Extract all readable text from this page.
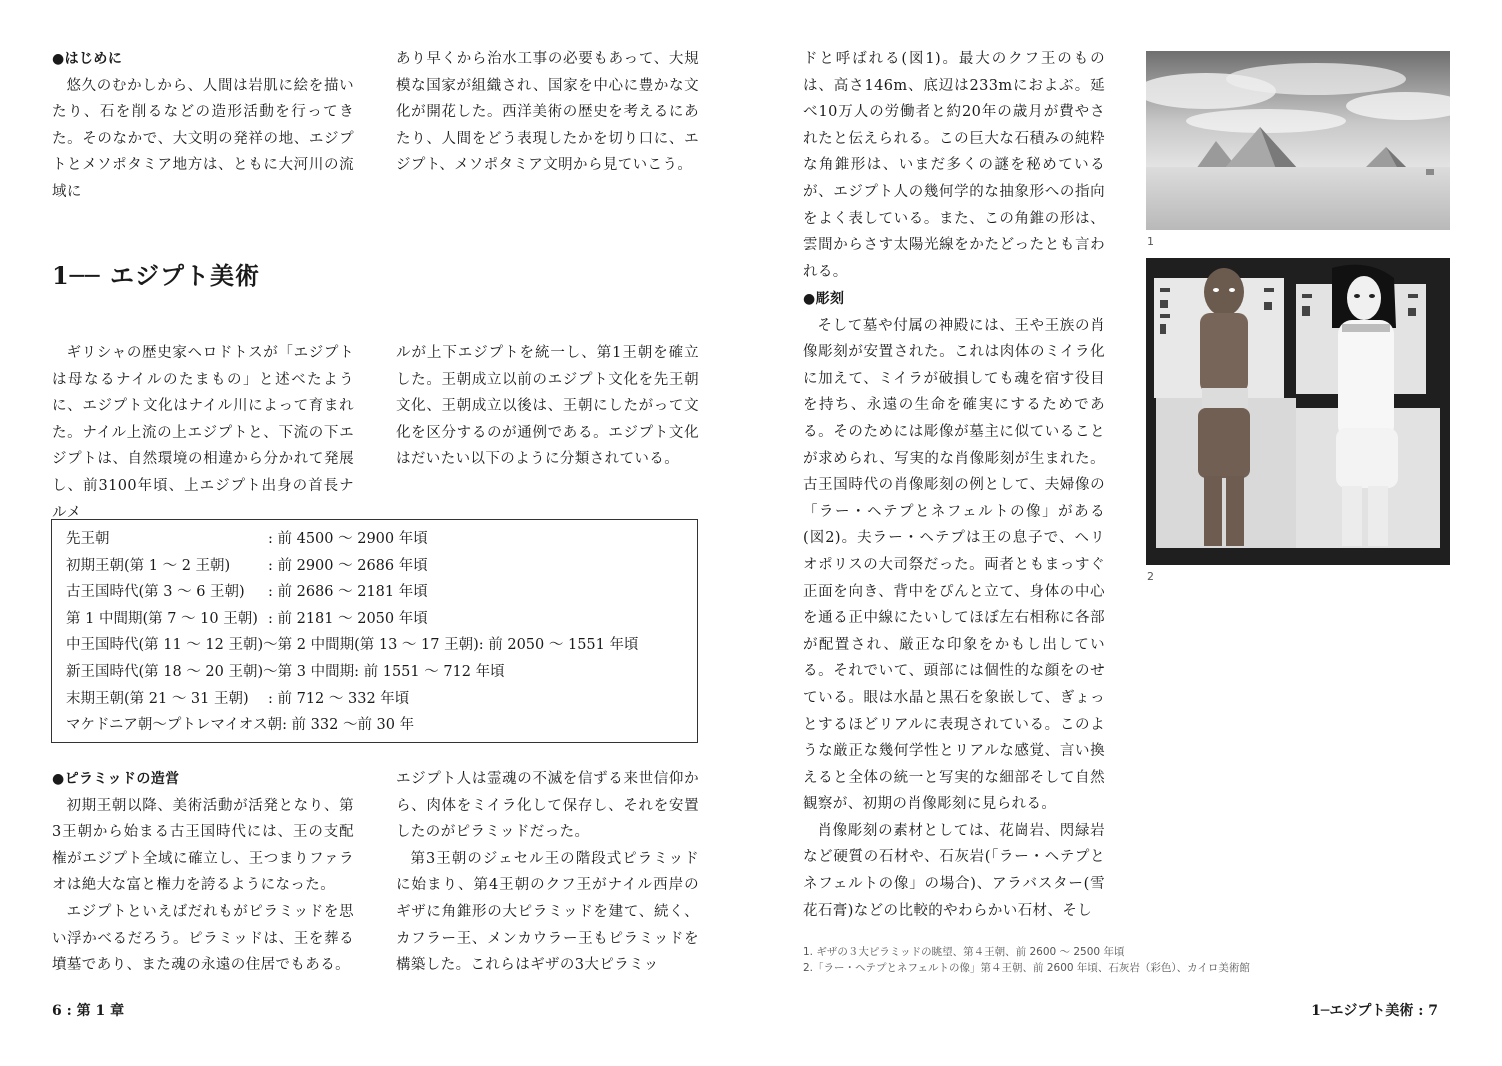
●はじめに

悠久のむかしから、人間は岩肌に絵を描いたり、石を削るなどの造形活動を行ってきた。そのなかで、大文明の発祥の地、エジプトとメソポタミア地方は、ともに大河川の流域に

あり早くから治水工事の必要もあって、大規模な国家が組織され、国家を中心に豊かな文化が開花した。西洋美術の歴史を考えるにあたり、人間をどう表現したかを切り口に、エジプト、メソポタミア文明から見ていこう。

1── エジプト美術

ギリシャの歴史家ヘロドトスが「エジプトは母なるナイルのたまもの」と述べたように、エジプト文化はナイル川によって育まれた。ナイル上流の上エジプトと、下流の下エジプトは、自然環境の相違から分かれて発展し、前3100年頃、上エジプト出身の首長ナルメ

ルが上下エジプトを統一し、第1王朝を確立した。王朝成立以前のエジプト文化を先王朝文化、王朝成立以後は、王朝にしたがって文化を区分するのが通例である。エジプト文化はだいたい以下のように分類されている。

先王朝	: 前 4500 ～ 2900 年頃
初期王朝(第 1 ～ 2 王朝)	: 前 2900 ～ 2686 年頃
古王国時代(第 3 ～ 6 王朝)	: 前 2686 ～ 2181 年頃
第 1 中間期(第 7 ～ 10 王朝) : 前 2181 ～ 2050 年頃
中王国時代(第 11 ～ 12 王朝)～第 2 中間期(第 13 ～ 17 王朝) : 前 2050 ～ 1551 年頃
新王国時代(第 18 ～ 20 王朝)～第 3 中間期 : 前 1551 ～ 712 年頃
末期王朝(第 21 ～ 31 王朝)	: 前 712 ～ 332 年頃
マケドニア朝～プトレマイオス朝 : 前 332 ～前 30 年
●ピラミッドの造営

初期王朝以降、美術活動が活発となり、第3王朝から始まる古王国時代には、王の支配権がエジプト全域に確立し、王つまりファラオは絶大な富と権力を誇るようになった。

エジプトといえばだれもがピラミッドを思い浮かべるだろう。ピラミッドは、王を葬る墳墓であり、また魂の永遠の住居でもある。

エジプト人は霊魂の不滅を信ずる来世信仰から、肉体をミイラ化して保存し、それを安置したのがピラミッドだった。

第3王朝のジェセル王の階段式ピラミッドに始まり、第4王朝のクフ王がナイル西岸のギザに角錐形の大ピラミッドを建て、続く、カフラー王、メンカウラー王もピラミッドを構築した。これらはギザの3大ピラミッ

6 : 第 1 章

ドと呼ばれる(図1)。最大のクフ王のものは、高さ146m、底辺は233mにおよぶ。延べ10万人の労働者と約20年の歳月が費やされたと伝えられる。この巨大な石積みの純粋な角錐形は、いまだ多くの謎を秘めているが、エジプト人の幾何学的な抽象形への指向をよく表している。また、この角錐の形は、雲間からさす太陽光線をかたどったとも言われる。

●彫刻

そして墓や付属の神殿には、王や王族の肖像彫刻が安置された。これは肉体のミイラ化に加えて、ミイラが破損しても魂を宿す役目を持ち、永遠の生命を確実にするためである。そのためには彫像が墓主に似ていることが求められ、写実的な肖像彫刻が生まれた。古王国時代の肖像彫刻の例として、夫婦像の「ラー・ヘテプとネフェルトの像」がある(図2)。夫ラー・ヘテプは王の息子で、ヘリオポリスの大司祭だった。両者ともまっすぐ正面を向き、背中をぴんと立て、身体の中心を通る正中線にたいしてほぼ左右相称に各部が配置され、厳正な印象をかもし出している。それでいて、頭部には個性的な顔をのせている。眼は水晶と黒石を象嵌して、ぎょっとするほどリアルに表現されている。このような厳正な幾何学性とリアルな感覚、言い換えると全体の統一と写実的な細部そして自然観察が、初期の肖像彫刻に見られる。

肖像彫刻の素材としては、花崗岩、閃緑岩など硬質の石材や、石灰岩(「ラー・ヘテプとネフェルトの像」の場合)、アラバスター(雪花石膏)などの比較的やわらかい石材、そし

1
2
1. ギザの３大ピラミッドの眺望、第４王朝、前 2600 ～ 2500 年頃
2.「ラー・ヘテプとネフェルトの像」第４王朝、前 2600 年頃、石灰岩（彩色）、カイロ美術館
1─エジプト美術 : 7
